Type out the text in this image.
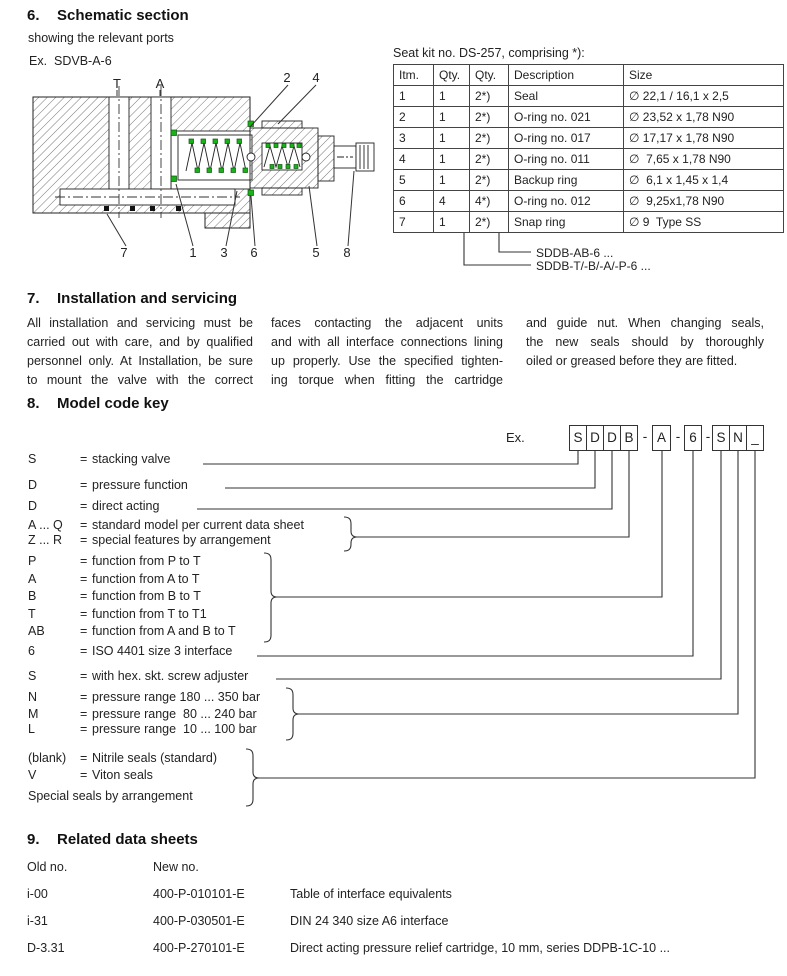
6. Schematic section
showing the relevant ports
Ex.  SDVB-A-6
T	A	2 4
7	1 3 6	5 8
Seat kit no. DS-257, comprising *):
Itm.	Qty.	Qty.	Description	Size
1	1	2*)	Seal	∅ 22,1 / 16,1 x 2,5
2	1	2*)	O-ring no. 021	∅ 23,52 x 1,78 N90
3	1	2*)	O-ring no. 017	∅ 17,17 x 1,78 N90
4	1	2*)	O-ring no. 011	∅  7,65 x 1,78 N90
5	1	2*)	Backup ring	∅  6,1 x 1,45 x 1,4
6	4	4*)	O-ring no. 012	∅  9,25x1,78 N90
7	1	2*)	Snap ring	∅ 9  Type SS
SDDB-AB-6 ...
SDDB-T/-B/-A/-P-6 ...
7. Installation and servicing
All installation and servicing must be
carried out with care, and by qualified
personnel only. At Installation, be sure
to mount the valve with the correct
faces contacting the adjacent units
and with all interface connections lining
up properly. Use the specified tighten-
ing torque when fitting the cartridge
and guide nut. When changing seals,
the new seals should by thoroughly
oiled or greased before they are fitted.
8. Model code key
Ex.	S D D B - A - 6 - S N _
S	= stacking valve
D	= pressure function
D	= direct acting
A ... Q = standard model per current data sheet
Z ... R = special features by arrangement
P	= function from P to T
A	= function from A to T
B	= function from B to T
T	= function from T to T1
AB	= function from A and B to T
6	= ISO 4401 size 3 interface
S	= with hex. skt. screw adjuster
N	= pressure range 180 ... 350 bar
M	= pressure range  80 ... 240 bar
L	= pressure range  10 ... 100 bar
(blank) = Nitrile seals (standard)
V	= Viton seals
Special seals by arrangement
9. Related data sheets
Old no.	New no.
i-00	400-P-010101-E	Table of interface equivalents
i-31	400-P-030501-E	DIN 24 340 size A6 interface
D-3.31	400-P-270101-E	Direct acting pressure relief cartridge, 10 mm, series DDPB-1C-10 ...
